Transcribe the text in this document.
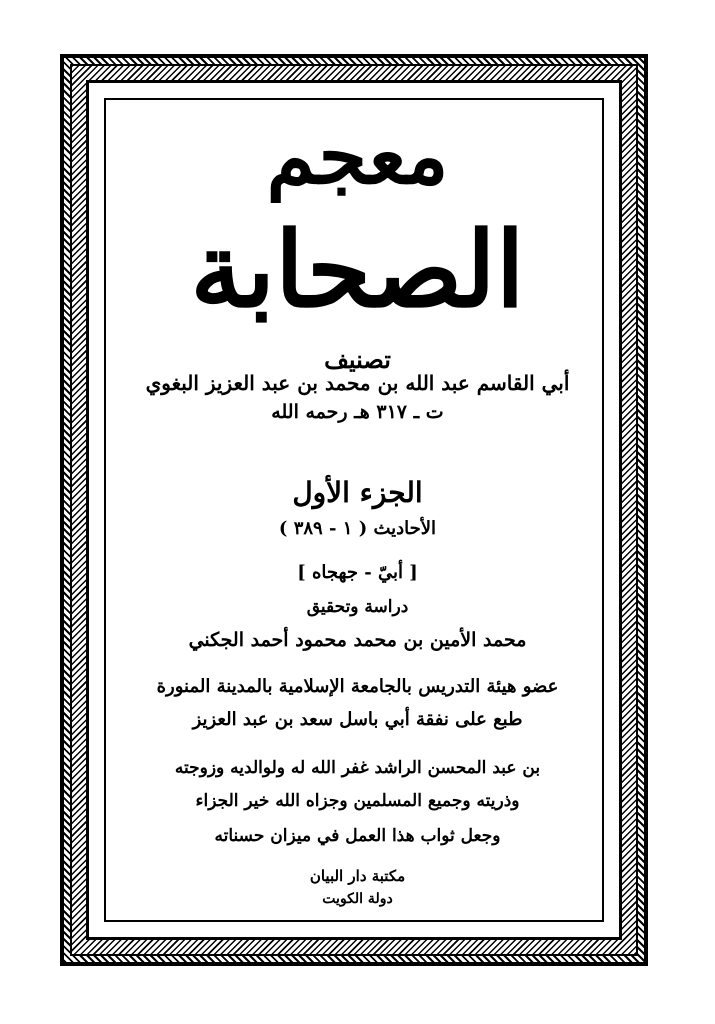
معجم
الصحابة
تصنيف
أبي القاسم عبد الله بن محمد بن عبد العزيز البغوي
ت ـ ٣١٧ هـ رحمه الله
الجزء الأول
الأحاديث ( ١ - ٣٨٩ )
[ أبيّ - جهجاه ]
دراسة وتحقيق
محمد الأمين بن محمد محمود أحمد الجكني
عضو هيئة التدريس بالجامعة الإسلامية بالمدينة المنورة
طبع على نفقة أبي باسل سعد بن عبد العزيز
بن عبد المحسن الراشد غفر الله له ولوالديه وزوجته
وذريته وجميع المسلمين وجزاه الله خير الجزاء
وجعل ثواب هذا العمل في ميزان حسناته
مكتبة دار البيان
دولة الكويت
